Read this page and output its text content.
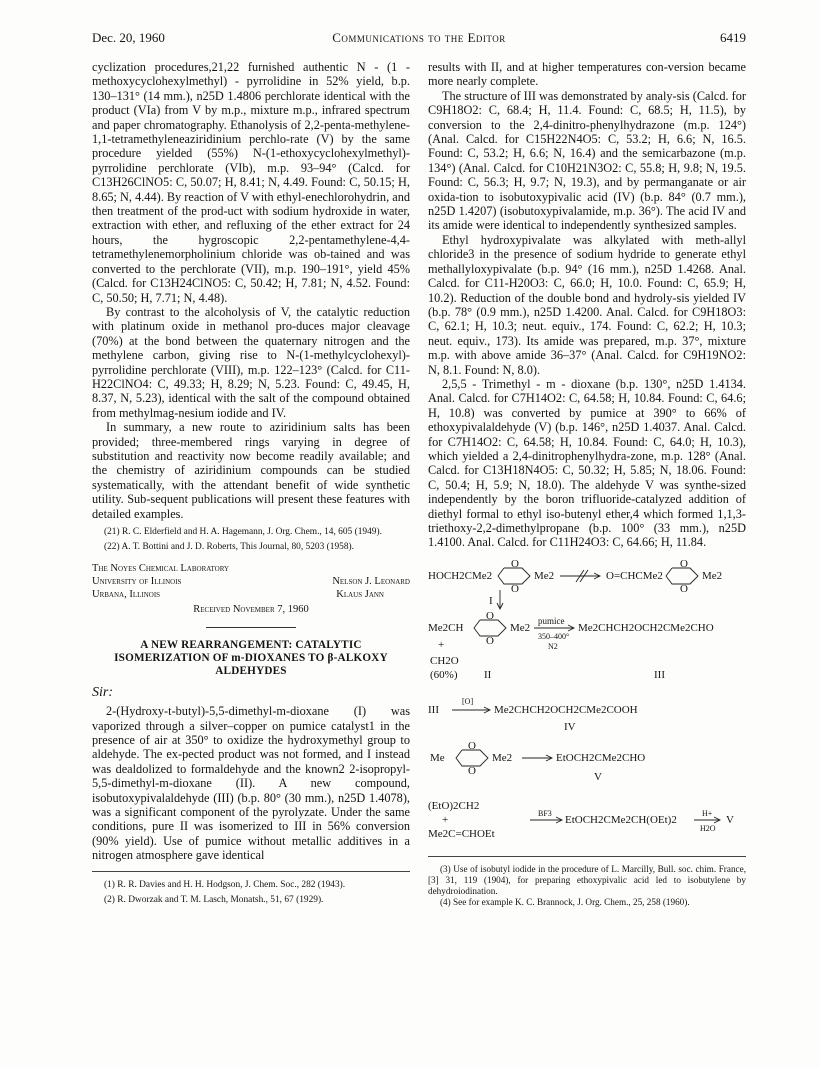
Dec. 20, 1960	Communications to the Editor	6419

cyclization procedures,21,22 furnished authentic N - (1 - methoxycyclohexylmethyl) - pyrrolidine in 52% yield, b.p. 130–131° (14 mm.), n25D 1.4806 perchlorate identical with the product (VIa) from V by m.p., mixture m.p., infrared spectrum and paper chromatography. Ethanolysis of 2,2-penta-methylene-1,1-tetramethyleneaziridinium perchlo-rate (V) by the same procedure yielded (55%) N-(1-ethoxycyclohexylmethyl)-pyrrolidine perchlorate (VIb), m.p. 93–94° (Calcd. for C13H26ClNO5: C, 50.07; H, 8.41; N, 4.49. Found: C, 50.15; H, 8.65; N, 4.44). By reaction of V with ethyl-enechlorohydrin, and then treatment of the prod-uct with sodium hydroxide in water, extraction with ether, and refluxing of the ether extract for 24 hours, the hygroscopic 2,2-pentamethylene-4,4-tetramethylenemorpholinium chloride was ob-tained and was converted to the perchlorate (VII), m.p. 190–191°, yield 45% (Calcd. for C13H24ClNO5: C, 50.42; H, 7.81; N, 4.52. Found: C, 50.50; H, 7.71; N, 4.48).

By contrast to the alcoholysis of V, the catalytic reduction with platinum oxide in methanol pro-duces major cleavage (70%) at the bond between the quaternary nitrogen and the methylene carbon, giving rise to N-(1-methylcyclohexyl)-pyrrolidine perchlorate (VIII), m.p. 122–123° (Calcd. for C11-H22ClNO4: C, 49.33; H, 8.29; N, 5.23. Found: C, 49.45, H, 8.37, N, 5.23), identical with the salt of the compound obtained from methylmag-nesium iodide and IV.

In summary, a new route to aziridinium salts has been provided; three-membered rings varying in degree of substitution and reactivity now become readily available; and the chemistry of aziridinium compounds can be studied systematically, with the attendant benefit of wide synthetic utility. Sub-sequent publications will present these features with detailed examples.

(21) R. C. Elderfield and H. A. Hagemann, J. Org. Chem., 14, 605 (1949).

(22) A. T. Bottini and J. D. Roberts, This Journal, 80, 5203 (1958).

The Noyes Chemical Laboratory
University of Illinois	Nelson J. Leonard
Urbana, Illinois	Klaus Jann
Received November 7, 1960
A NEW REARRANGEMENT: CATALYTIC
ISOMERIZATION OF m-DIOXANES TO β-ALKOXY
ALDEHYDES
Sir:

2-(Hydroxy-t-butyl)-5,5-dimethyl-m-dioxane (I) was vaporized through a silver–copper on pumice catalyst1 in the presence of air at 350° to oxidize the hydroxymethyl group to aldehyde. The ex-pected product was not formed, and I instead was dealdolized to formaldehyde and the known2 2-isopropyl-5,5-dimethyl-m-dioxane (II). A new compound, isobutoxypivalaldehyde (III) (b.p. 80° (30 mm.), n25D 1.4078), was a significant component of the pyrolyzate. Under the same conditions, pure II was isomerized to III in 56% conversion (90% yield). Use of pumice without metallic additives in a nitrogen atmosphere gave identical

(1) R. R. Davies and H. H. Hodgson, J. Chem. Soc., 282 (1943).

(2) R. Dworzak and T. M. Lasch, Monatsh., 51, 67 (1929).

results with II, and at higher temperatures con-version became more nearly complete.

The structure of III was demonstrated by analy-sis (Calcd. for C9H18O2: C, 68.4; H, 11.4. Found: C, 68.5; H, 11.5), by conversion to the 2,4-dinitro-phenylhydrazone (m.p. 124°) (Anal. Calcd. for C15H22N4O5: C, 53.2; H, 6.6; N, 16.5. Found: C, 53.2; H, 6.6; N, 16.4) and the semicarbazone (m.p. 134°) (Anal. Calcd. for C10H21N3O2: C, 55.8; H, 9.8; N, 19.5. Found: C, 56.3; H, 9.7; N, 19.3), and by permanganate or air oxida-tion to isobutoxypivalic acid (IV) (b.p. 84° (0.7 mm.), n25D 1.4207) (isobutoxypivalamide, m.p. 36°). The acid IV and its amide were identical to independently synthesized samples.

Ethyl hydroxypivalate was alkylated with meth-allyl chloride3 in the presence of sodium hydride to generate ethyl methallyloxypivalate (b.p. 94° (16 mm.), n25D 1.4268. Anal. Calcd. for C11-H20O3: C, 66.0; H, 10.0. Found: C, 65.9; H, 10.2). Reduction of the double bond and hydroly-sis yielded IV (b.p. 78° (0.9 mm.), n25D 1.4200. Anal. Calcd. for C9H18O3: C, 62.1; H, 10.3; neut. equiv., 174. Found: C, 62.2; H, 10.3; neut. equiv., 173). Its amide was prepared, m.p. 37°, mixture m.p. with above amide 36–37° (Anal. Calcd. for C9H19NO2: N, 8.1. Found: N, 8.0).

2,5,5 - Trimethyl - m - dioxane (b.p. 130°, n25D 1.4134. Anal. Calcd. for C7H14O2: C, 64.58; H, 10.84. Found: C, 64.6; H, 10.8) was converted by pumice at 390° to 66% of ethoxypivalaldehyde (V) (b.p. 146°, n25D 1.4037. Anal. Calcd. for C7H14O2: C, 64.58; H, 10.84. Found: C, 64.0; H, 10.3), which yielded a 2,4-dinitrophenylhydra-zone, m.p. 128° (Anal. Calcd. for C13H18N4O5: C, 50.32; H, 5.85; N, 18.06. Found: C, 50.4; H, 5.9; N, 18.0). The aldehyde V was synthe-sized independently by the boron trifluoride-catalyzed addition of diethyl formal to ethyl iso-butenyl ether,4 which formed 1,1,3-triethoxy-2,2-dimethylpropane (b.p. 100° (33 mm.), n25D 1.4100. Anal. Calcd. for C11H24O3: C, 64.66; H, 11.84.

HOCH2CMe2
O
O
Me2	O=CHCMe2
O
O
Me2
I
Me2CH
O
O
Me2
pumice
350–400°
N2
Me2CHCH2OCH2CMe2CHO
+
CH2O
(60%) II	III
III
[O]
Me2CHCH2OCH2CMe2COOH
IV
Me
O
O
Me2	EtOCH2CMe2CHO
V
(EtO)2CH2
+
Me2C=CHOEt
BF3
EtOCH2CMe2CH(OEt)2
H+
H2O
V

(3) Use of isobutyl iodide in the procedure of L. Marcilly, Bull. soc. chim. France, [3] 31, 119 (1904), for preparing ethoxypivalic acid led to isobutylene by dehydroiodination.

(4) See for example K. C. Brannock, J. Org. Chem., 25, 258 (1960).
